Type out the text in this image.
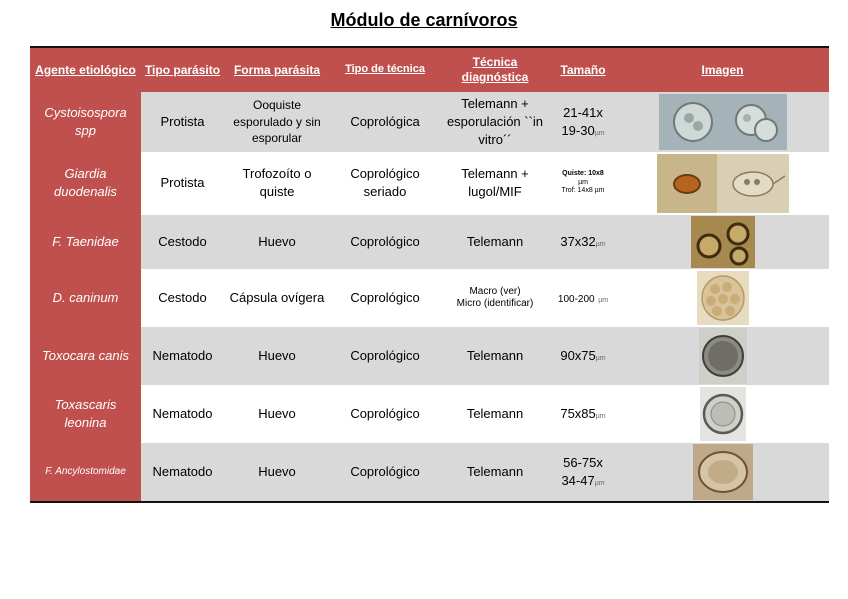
Módulo de carnívoros
Agente etiológico	Tipo parásito	Forma parásita	Tipo de técnica	Técnica diagnóstica	Tamaño	Imagen
Cystoisospora spp	Protista	Ooquiste esporulado y sin esporular	Coprológica	Telemann + esporulación ``in vitro´´	21-41x
19-30µm

Giardia duodenalis	Protista	Trofozoíto o quiste	Coprológico seriado	Telemann + lugol/MIF	Quiste: 10x8
µm
Trof: 14x8 µm

F. Taenidae	Cestodo	Huevo	Coprológico	Telemann	37x32µm	

D. caninum	Cestodo	Cápsula ovígera	Coprológico	Macro (ver)
Micro (identificar)	100-200 µm	

Toxocara canis	Nematodo	Huevo	Coprológico	Telemann	90x75µm	

Toxascaris leonina	Nematodo	Huevo	Coprológico	Telemann	75x85µm	

F. Ancylostomidae	Nematodo	Huevo	Coprológico	Telemann	56-75x
34-47µm
